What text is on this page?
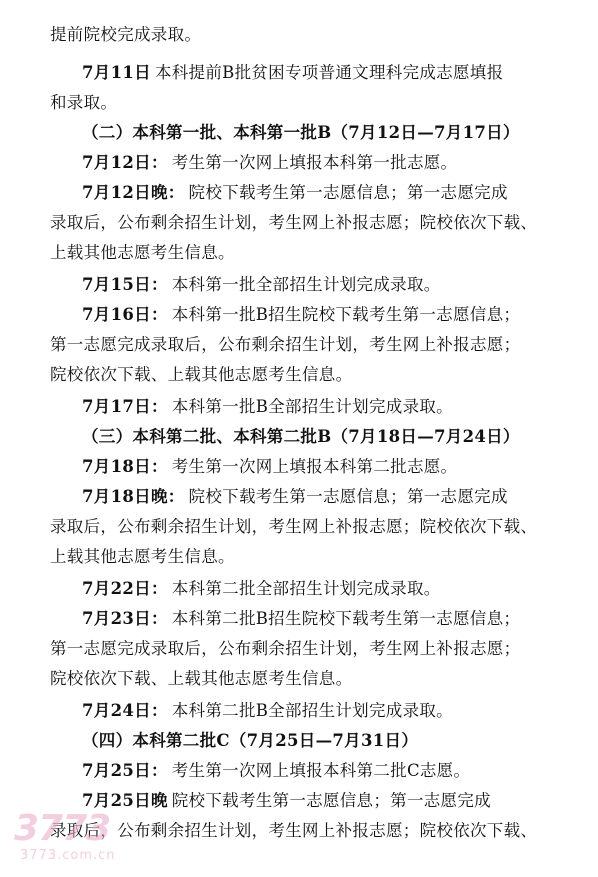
提前院校完成录取。
7月11日 本科提前B批贫困专项普通文理科完成志愿填报
和录取。
（二）本科第一批、本科第一批B（7月12日—7月17日）
7月12日： 考生第一次网上填报本科第一批志愿。
7月12日晚： 院校下载考生第一志愿信息；第一志愿完成
录取后，公布剩余招生计划，考生网上补报志愿；院校依次下载、
上载其他志愿考生信息。
7月15日： 本科第一批全部招生计划完成录取。
7月16日： 本科第一批B招生院校下载考生第一志愿信息；
第一志愿完成录取后，公布剩余招生计划，考生网上补报志愿；
院校依次下载、上载其他志愿考生信息。
7月17日： 本科第一批B全部招生计划完成录取。
（三）本科第二批、本科第二批B（7月18日—7月24日）
7月18日： 考生第一次网上填报本科第二批志愿。
7月18日晚： 院校下载考生第一志愿信息；第一志愿完成
录取后，公布剩余招生计划，考生网上补报志愿；院校依次下载、
上载其他志愿考生信息。
7月22日： 本科第二批全部招生计划完成录取。
7月23日： 本科第二批B招生院校下载考生第一志愿信息；
第一志愿完成录取后，公布剩余招生计划，考生网上补报志愿；
院校依次下载、上载其他志愿考生信息。
7月24日： 本科第二批B全部招生计划完成录取。
（四）本科第二批C（7月25日—7月31日）
7月25日： 考生第一次网上填报本科第二批C志愿。
7月25日晚 院校下载考生第一志愿信息；第一志愿完成
录取后，公布剩余招生计划，考生网上补报志愿；院校依次下载、
3773
3773.com.cn
